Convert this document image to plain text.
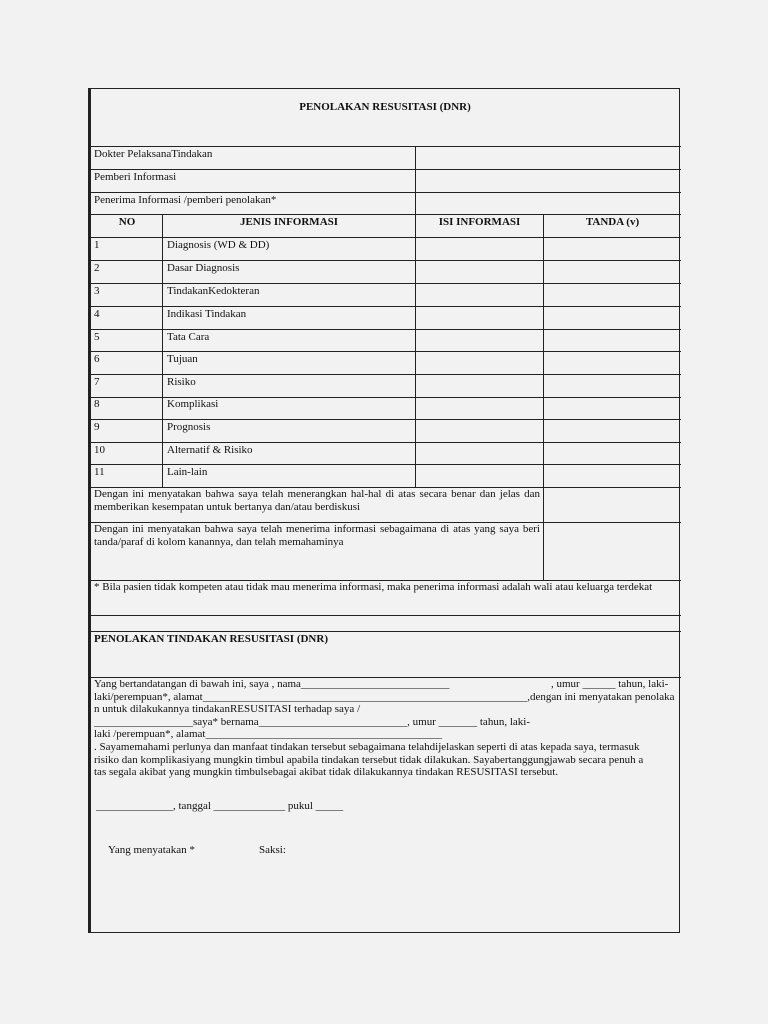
PENOLAKAN RESUSITASI (DNR)
Dokter PelaksanaTindakan
Pemberi Informasi
Penerima Informasi /pemberi penolakan*
NO	JENIS INFORMASI	ISI INFORMASI	TANDA (v)
1	Diagnosis (WD & DD)
2	Dasar Diagnosis
3	TindakanKedokteran
4	Indikasi Tindakan
5	Tata Cara
6	Tujuan
7	Risiko
8	Komplikasi
9	Prognosis
10	Alternatif & Risiko
11	Lain-lain
Dengan ini menyatakan bahwa saya telah menerangkan hal-hal di atas secara benar dan jelas dan memberikan kesempatan untuk bertanya dan/atau berdiskusi
Dengan ini menyatakan bahwa saya telah menerima informasi sebagaimana di atas yang saya beri tanda/paraf di kolom kanannya, dan telah memahaminya
* Bila pasien tidak kompeten atau tidak mau menerima informasi, maka penerima informasi adalah wali atau keluarga terdekat
PENOLAKAN TINDAKAN RESUSITASI (DNR)
Yang bertandatangan di bawah ini, saya , nama___________________________	, umur ______ tahun, laki-
laki/perempuan*, alamat___________________________________________________________,dengan ini menyatakan penolaka
n untuk dilakukannya tindakanRESUSITASI terhadap saya /
__________________saya* bernama___________________________, umur _______ tahun, laki-
laki /perempuan*, alamat___________________________________________
. Sayamemahami perlunya dan manfaat tindakan tersebut sebagaimana telahdijelaskan seperti di atas kepada saya, termasuk
risiko dan komplikasiyang mungkin timbul apabila tindakan tersebut tidak dilakukan. Sayabertanggungjawab secara penuh a
tas segala akibat yang mungkin timbulsebagai akibat tidak dilakukannya tindakan RESUSITASI tersebut.
______________, tanggal _____________ pukul _____
Yang menyatakan *	Saksi:
